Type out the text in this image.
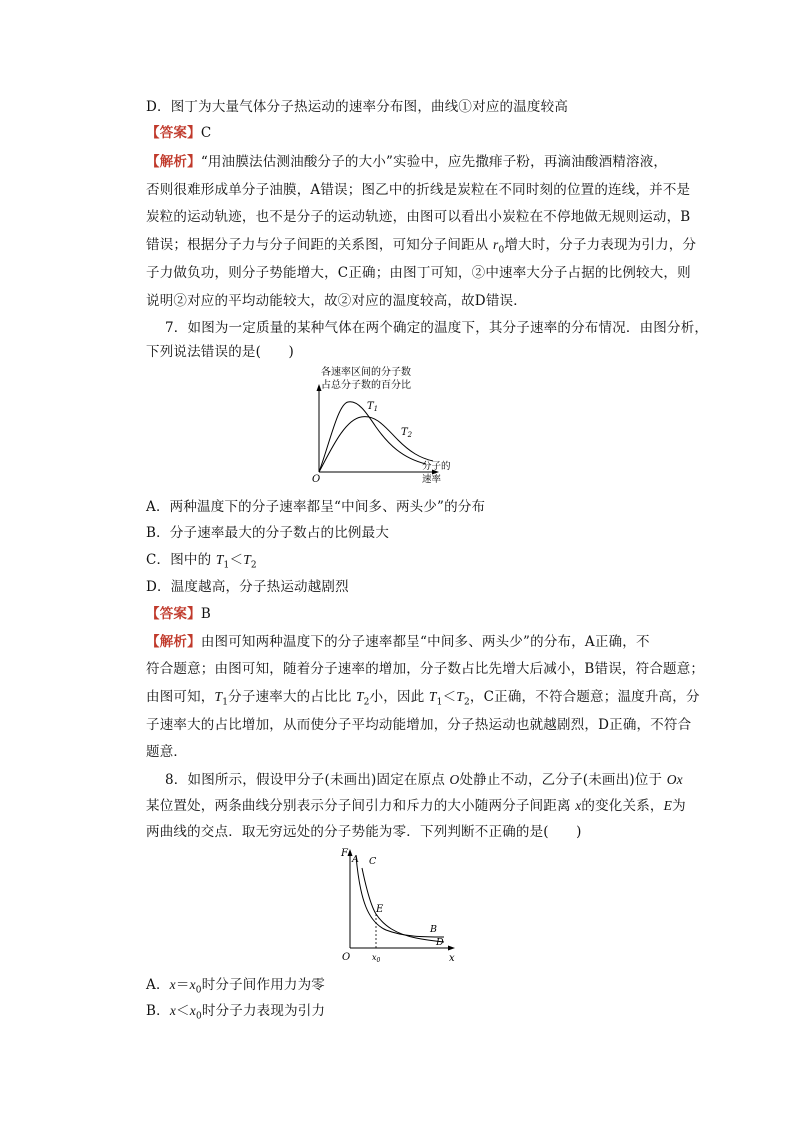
D．图丁为大量气体分子热运动的速率分布图，曲线①对应的温度较高
【答案】C
【解析】“用油膜法估测油酸分子的大小”实验中，应先撒痱子粉，再滴油酸酒精溶液，
否则很难形成单分子油膜，A错误；图乙中的折线是炭粒在不同时刻的位置的连线，并不是
炭粒的运动轨迹，也不是分子的运动轨迹，由图可以看出小炭粒在不停地做无规则运动，B
错误；根据分子力与分子间距的关系图，可知分子间距从 $r_0$增大时，分子力表现为引力，分
子力做负功，则分子势能增大，C正确；由图丁可知，②中速率大分子占据的比例较大，则
说明②对应的平均动能较大，故②对应的温度较高，故D错误．
7．如图为一定质量的某种气体在两个确定的温度下，其分子速率的分布情况．由图分析，
下列说法错误的是(　　)
各速率区间的分子数
占总分子数的百分比
分子的
速率
O
$T_1$
$T_2$
A．两种温度下的分子速率都呈“中间多、两头少”的分布
B．分子速率最大的分子数占的比例最大
C．图中的 $T_1<T_2$
D．温度越高，分子热运动越剧烈
【答案】B
【解析】由图可知两种温度下的分子速率都呈“中间多、两头少”的分布，A正确，不
符合题意；由图可知，随着分子速率的增加，分子数占比先增大后减小，B错误，符合题意；
由图可知，$T_1$分子速率大的占比比 $T_2$小，因此 $T_1<T_2$，C正确，不符合题意；温度升高，分
子速率大的占比增加，从而使分子平均动能增加，分子热运动也就越剧烈，D正确，不符合
题意．
8．如图所示，假设甲分子(未画出)固定在原点 O处静止不动，乙分子(未画出)位于 Ox
某位置处，两条曲线分别表示分子间引力和斥力的大小随两分子间距离 x的变化关系，E为
两曲线的交点．取无穷远处的分子势能为零．下列判断不正确的是(　　)
F
x
O
A C
E
B
D
$x_0$
A．$x=x_0$时分子间作用力为零
B．$x<x_0$时分子力表现为引力
